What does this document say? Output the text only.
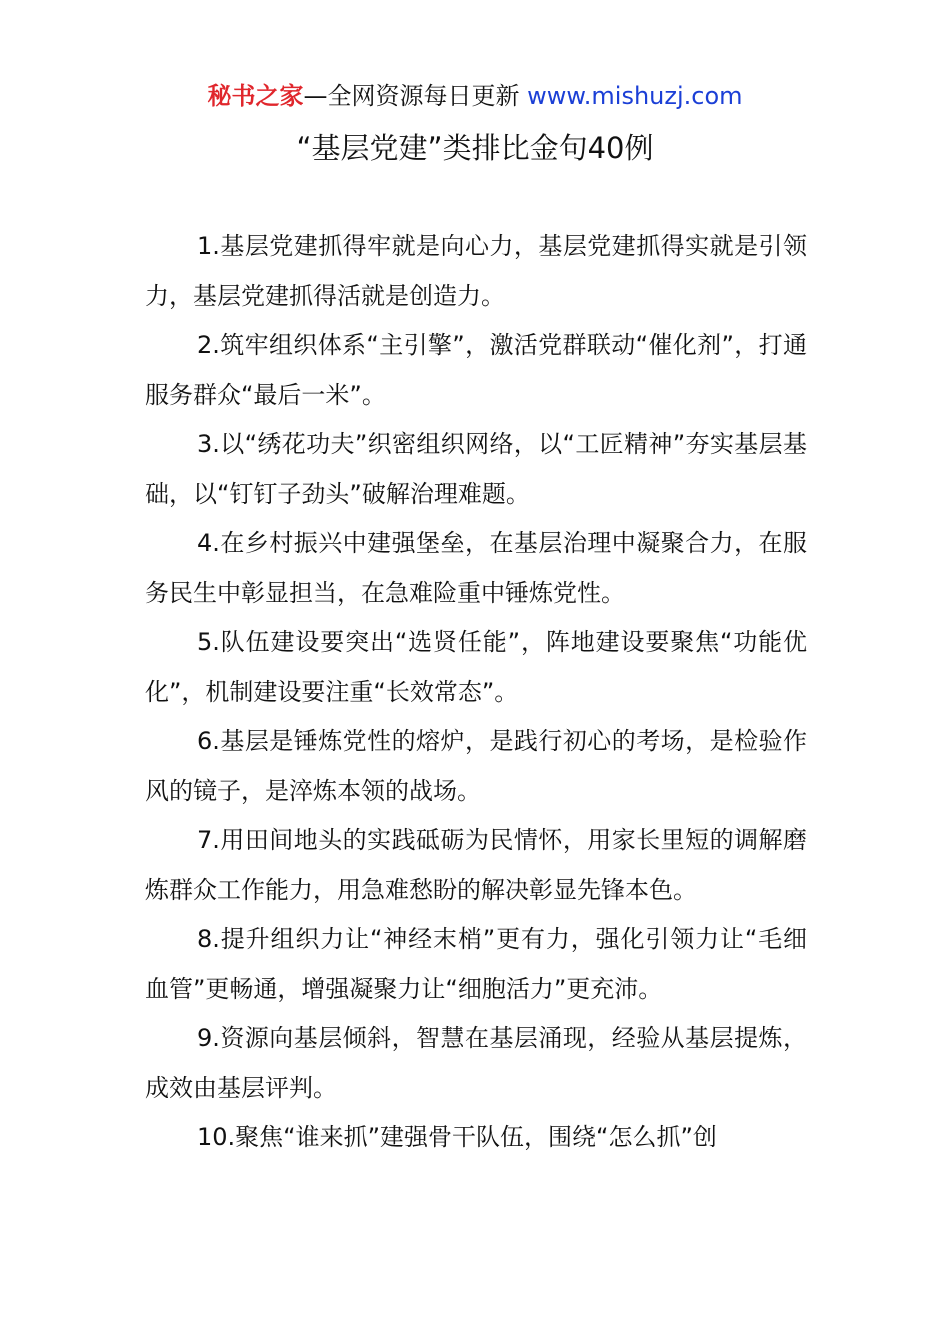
秘书之家—全网资源每日更新 www.mishuzj.com
“基层党建”类排比金句40例

1.基层党建抓得牢就是向心力，基层党建抓得实就是引领力，基层党建抓得活就是创造力。

2.筑牢组织体系“主引擎”，激活党群联动“催化剂”，打通服务群众“最后一米”。

3.以“绣花功夫”织密组织网络，以“工匠精神”夯实基层基础，以“钉钉子劲头”破解治理难题。

4.在乡村振兴中建强堡垒，在基层治理中凝聚合力，在服务民生中彰显担当，在急难险重中锤炼党性。

5.队伍建设要突出“选贤任能”，阵地建设要聚焦“功能优化”，机制建设要注重“长效常态”。

6.基层是锤炼党性的熔炉，是践行初心的考场，是检验作风的镜子，是淬炼本领的战场。

7.用田间地头的实践砥砺为民情怀，用家长里短的调解磨炼群众工作能力，用急难愁盼的解决彰显先锋本色。

8.提升组织力让“神经末梢”更有力，强化引领力让“毛细血管”更畅通，增强凝聚力让“细胞活力”更充沛。

9.资源向基层倾斜，智慧在基层涌现，经验从基层提炼，成效由基层评判。

10.聚焦“谁来抓”建强骨干队伍，围绕“怎么抓”创
